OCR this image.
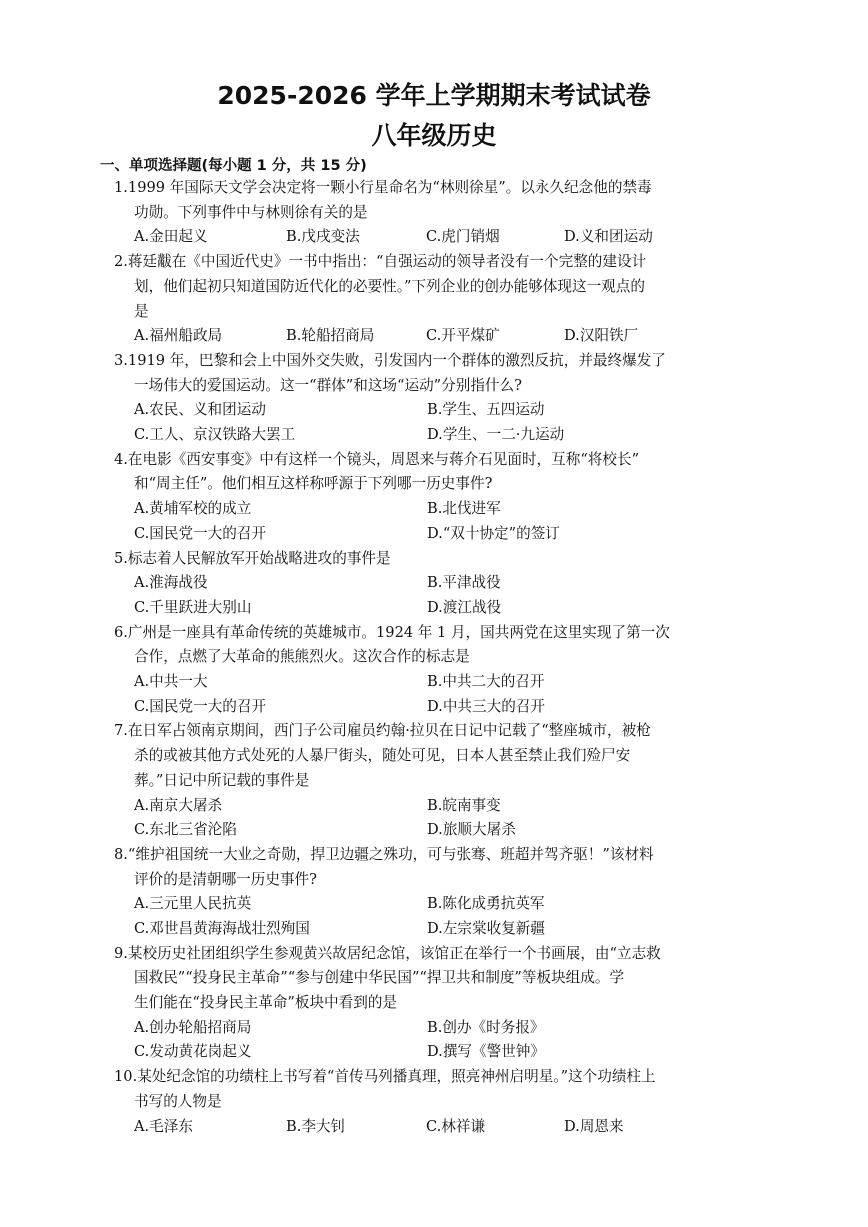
2025-2026 学年上学期期末考试试卷
八年级历史
一、单项选择题(每小题 1 分，共 15 分)
1.1999 年国际天文学会决定将一颗小行星命名为“林则徐星”。以永久纪念他的禁毒
功勋。下列事件中与林则徐有关的是
A.金田起义	B.戊戌变法	C.虎门销烟	D.义和团运动
2.蒋廷黻在《中国近代史》一书中指出：“自强运动的领导者没有一个完整的建设计
划，他们起初只知道国防近代化的必要性。”下列企业的创办能够体现这一观点的
是
A.福州船政局	B.轮船招商局	C.开平煤矿	D.汉阳铁厂
3.1919 年，巴黎和会上中国外交失败，引发国内一个群体的激烈反抗，并最终爆发了
一场伟大的爱国运动。这一“群体”和这场“运动”分别指什么?
A.农民、义和团运动	B.学生、五四运动
C.工人、京汉铁路大罢工	D.学生、一二·九运动
4.在电影《西安事变》中有这样一个镜头，周恩来与蒋介石见面时，互称“将校长”
和“周主任”。他们相互这样称呼源于下列哪一历史事件?
A.黄埔军校的成立	B.北伐进军
C.国民党一大的召开	D.“双十协定”的签订
5.标志着人民解放军开始战略进攻的事件是
A.淮海战役	B.平津战役
C.千里跃进大别山	D.渡江战役
6.广州是一座具有革命传统的英雄城市。1924 年 1 月，国共两党在这里实现了第一次
合作，点燃了大革命的熊熊烈火。这次合作的标志是
A.中共一大	B.中共二大的召开
C.国民党一大的召开	D.中共三大的召开
7.在日军占领南京期间，西门子公司雇员约翰·拉贝在日记中记载了“整座城市，被枪
杀的或被其他方式处死的人暴尸街头，随处可见，日本人甚至禁止我们殓尸安
葬。”日记中所记载的事件是
A.南京大屠杀	B.皖南事变
C.东北三省沦陷	D.旅顺大屠杀
8.“维护祖国统一大业之奇勋，捍卫边疆之殊功，可与张骞、班超并驾齐驱！”该材料
评价的是清朝哪一历史事件?
A.三元里人民抗英	B.陈化成勇抗英军
C.邓世昌黄海海战壮烈殉国	D.左宗棠收复新疆
9.某校历史社团组织学生参观黄兴故居纪念馆，该馆正在举行一个书画展，由“立志救
国救民”“投身民主革命”“参与创建中华民国”“捍卫共和制度”等板块组成。学
生们能在“投身民主革命”板块中看到的是
A.创办轮船招商局	B.创办《时务报》
C.发动黄花岗起义	D.撰写《警世钟》
10.某处纪念馆的功绩柱上书写着“首传马列播真理，照亮神州启明星。”这个功绩柱上
书写的人物是
A.毛泽东	B.李大钊	C.林祥谦	D.周恩来
